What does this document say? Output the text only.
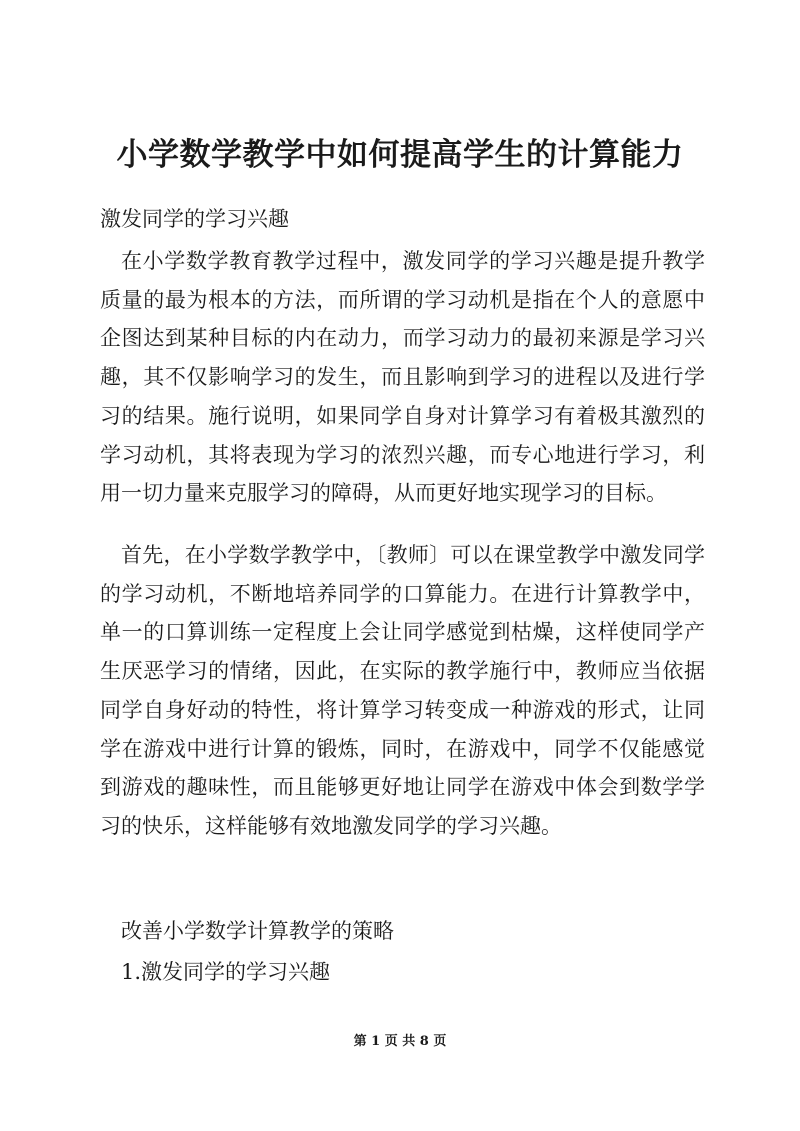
小学数学教学中如何提高学生的计算能力

激发同学的学习兴趣

在小学数学教育教学过程中，激发同学的学习兴趣是提升教学质量的最为根本的方法，而所谓的学习动机是指在个人的意愿中企图达到某种目标的内在动力，而学习动力的最初来源是学习兴趣，其不仅影响学习的发生，而且影响到学习的进程以及进行学习的结果。施行说明，如果同学自身对计算学习有着极其激烈的学习动机，其将表现为学习的浓烈兴趣，而专心地进行学习，利用一切力量来克服学习的障碍，从而更好地实现学习的目标。

首先，在小学数学教学中，〔教师〕可以在课堂教学中激发同学的学习动机，不断地培养同学的口算能力。在进行计算教学中，单一的口算训练一定程度上会让同学感觉到枯燥，这样使同学产生厌恶学习的情绪，因此，在实际的教学施行中，教师应当依据同学自身好动的特性，将计算学习转变成一种游戏的形式，让同学在游戏中进行计算的锻炼，同时，在游戏中，同学不仅能感觉到游戏的趣味性，而且能够更好地让同学在游戏中体会到数学学习的快乐，这样能够有效地激发同学的学习兴趣。

改善小学数学计算教学的策略

1.激发同学的学习兴趣

第 1 页 共 8 页
